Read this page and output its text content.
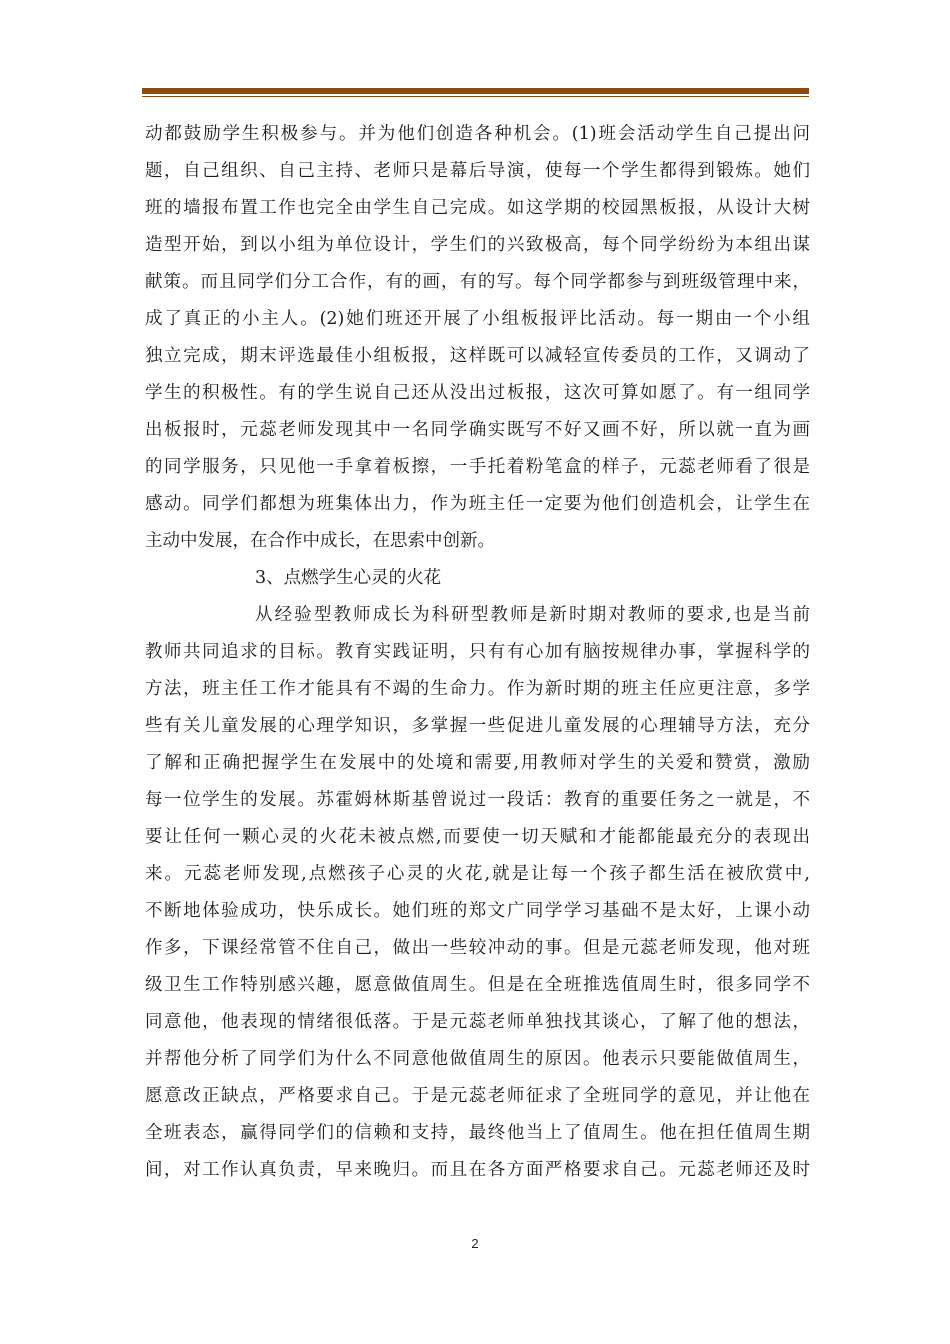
动都鼓励学生积极参与。并为他们创造各种机会。(1)班会活动学生自己提出问
题，自己组织、自己主持、老师只是幕后导演，使每一个学生都得到锻炼。她们
班的墙报布置工作也完全由学生自己完成。如这学期的校园黑板报，从设计大树
造型开始，到以小组为单位设计，学生们的兴致极高，每个同学纷纷为本组出谋
献策。而且同学们分工合作，有的画，有的写。每个同学都参与到班级管理中来，
成了真正的小主人。(2)她们班还开展了小组板报评比活动。每一期由一个小组
独立完成，期末评选最佳小组板报，这样既可以减轻宣传委员的工作，又调动了
学生的积极性。有的学生说自己还从没出过板报，这次可算如愿了。有一组同学
出板报时，元蕊老师发现其中一名同学确实既写不好又画不好，所以就一直为画
的同学服务，只见他一手拿着板擦，一手托着粉笔盒的样子，元蕊老师看了很是
感动。同学们都想为班集体出力，作为班主任一定要为他们创造机会，让学生在
主动中发展，在合作中成长，在思索中创新。
3、点燃学生心灵的火花
从经验型教师成长为科研型教师是新时期对教师的要求,也是当前
教师共同追求的目标。教育实践证明，只有有心加有脑按规律办事，掌握科学的
方法，班主任工作才能具有不竭的生命力。作为新时期的班主任应更注意，多学
些有关儿童发展的心理学知识，多掌握一些促进儿童发展的心理辅导方法，充分
了解和正确把握学生在发展中的处境和需要,用教师对学生的关爱和赞赏，激励
每一位学生的发展。苏霍姆林斯基曾说过一段话：教育的重要任务之一就是，不
要让任何一颗心灵的火花未被点燃,而要使一切天赋和才能都能最充分的表现出
来。元蕊老师发现,点燃孩子心灵的火花,就是让每一个孩子都生活在被欣赏中,
不断地体验成功，快乐成长。她们班的郑文广同学学习基础不是太好，上课小动
作多，下课经常管不住自己，做出一些较冲动的事。但是元蕊老师发现，他对班
级卫生工作特别感兴趣，愿意做值周生。但是在全班推选值周生时，很多同学不
同意他，他表现的情绪很低落。于是元蕊老师单独找其谈心，了解了他的想法，
并帮他分析了同学们为什么不同意他做值周生的原因。他表示只要能做值周生，
愿意改正缺点，严格要求自己。于是元蕊老师征求了全班同学的意见，并让他在
全班表态，赢得同学们的信赖和支持，最终他当上了值周生。他在担任值周生期
间，对工作认真负责，早来晚归。而且在各方面严格要求自己。元蕊老师还及时
2
